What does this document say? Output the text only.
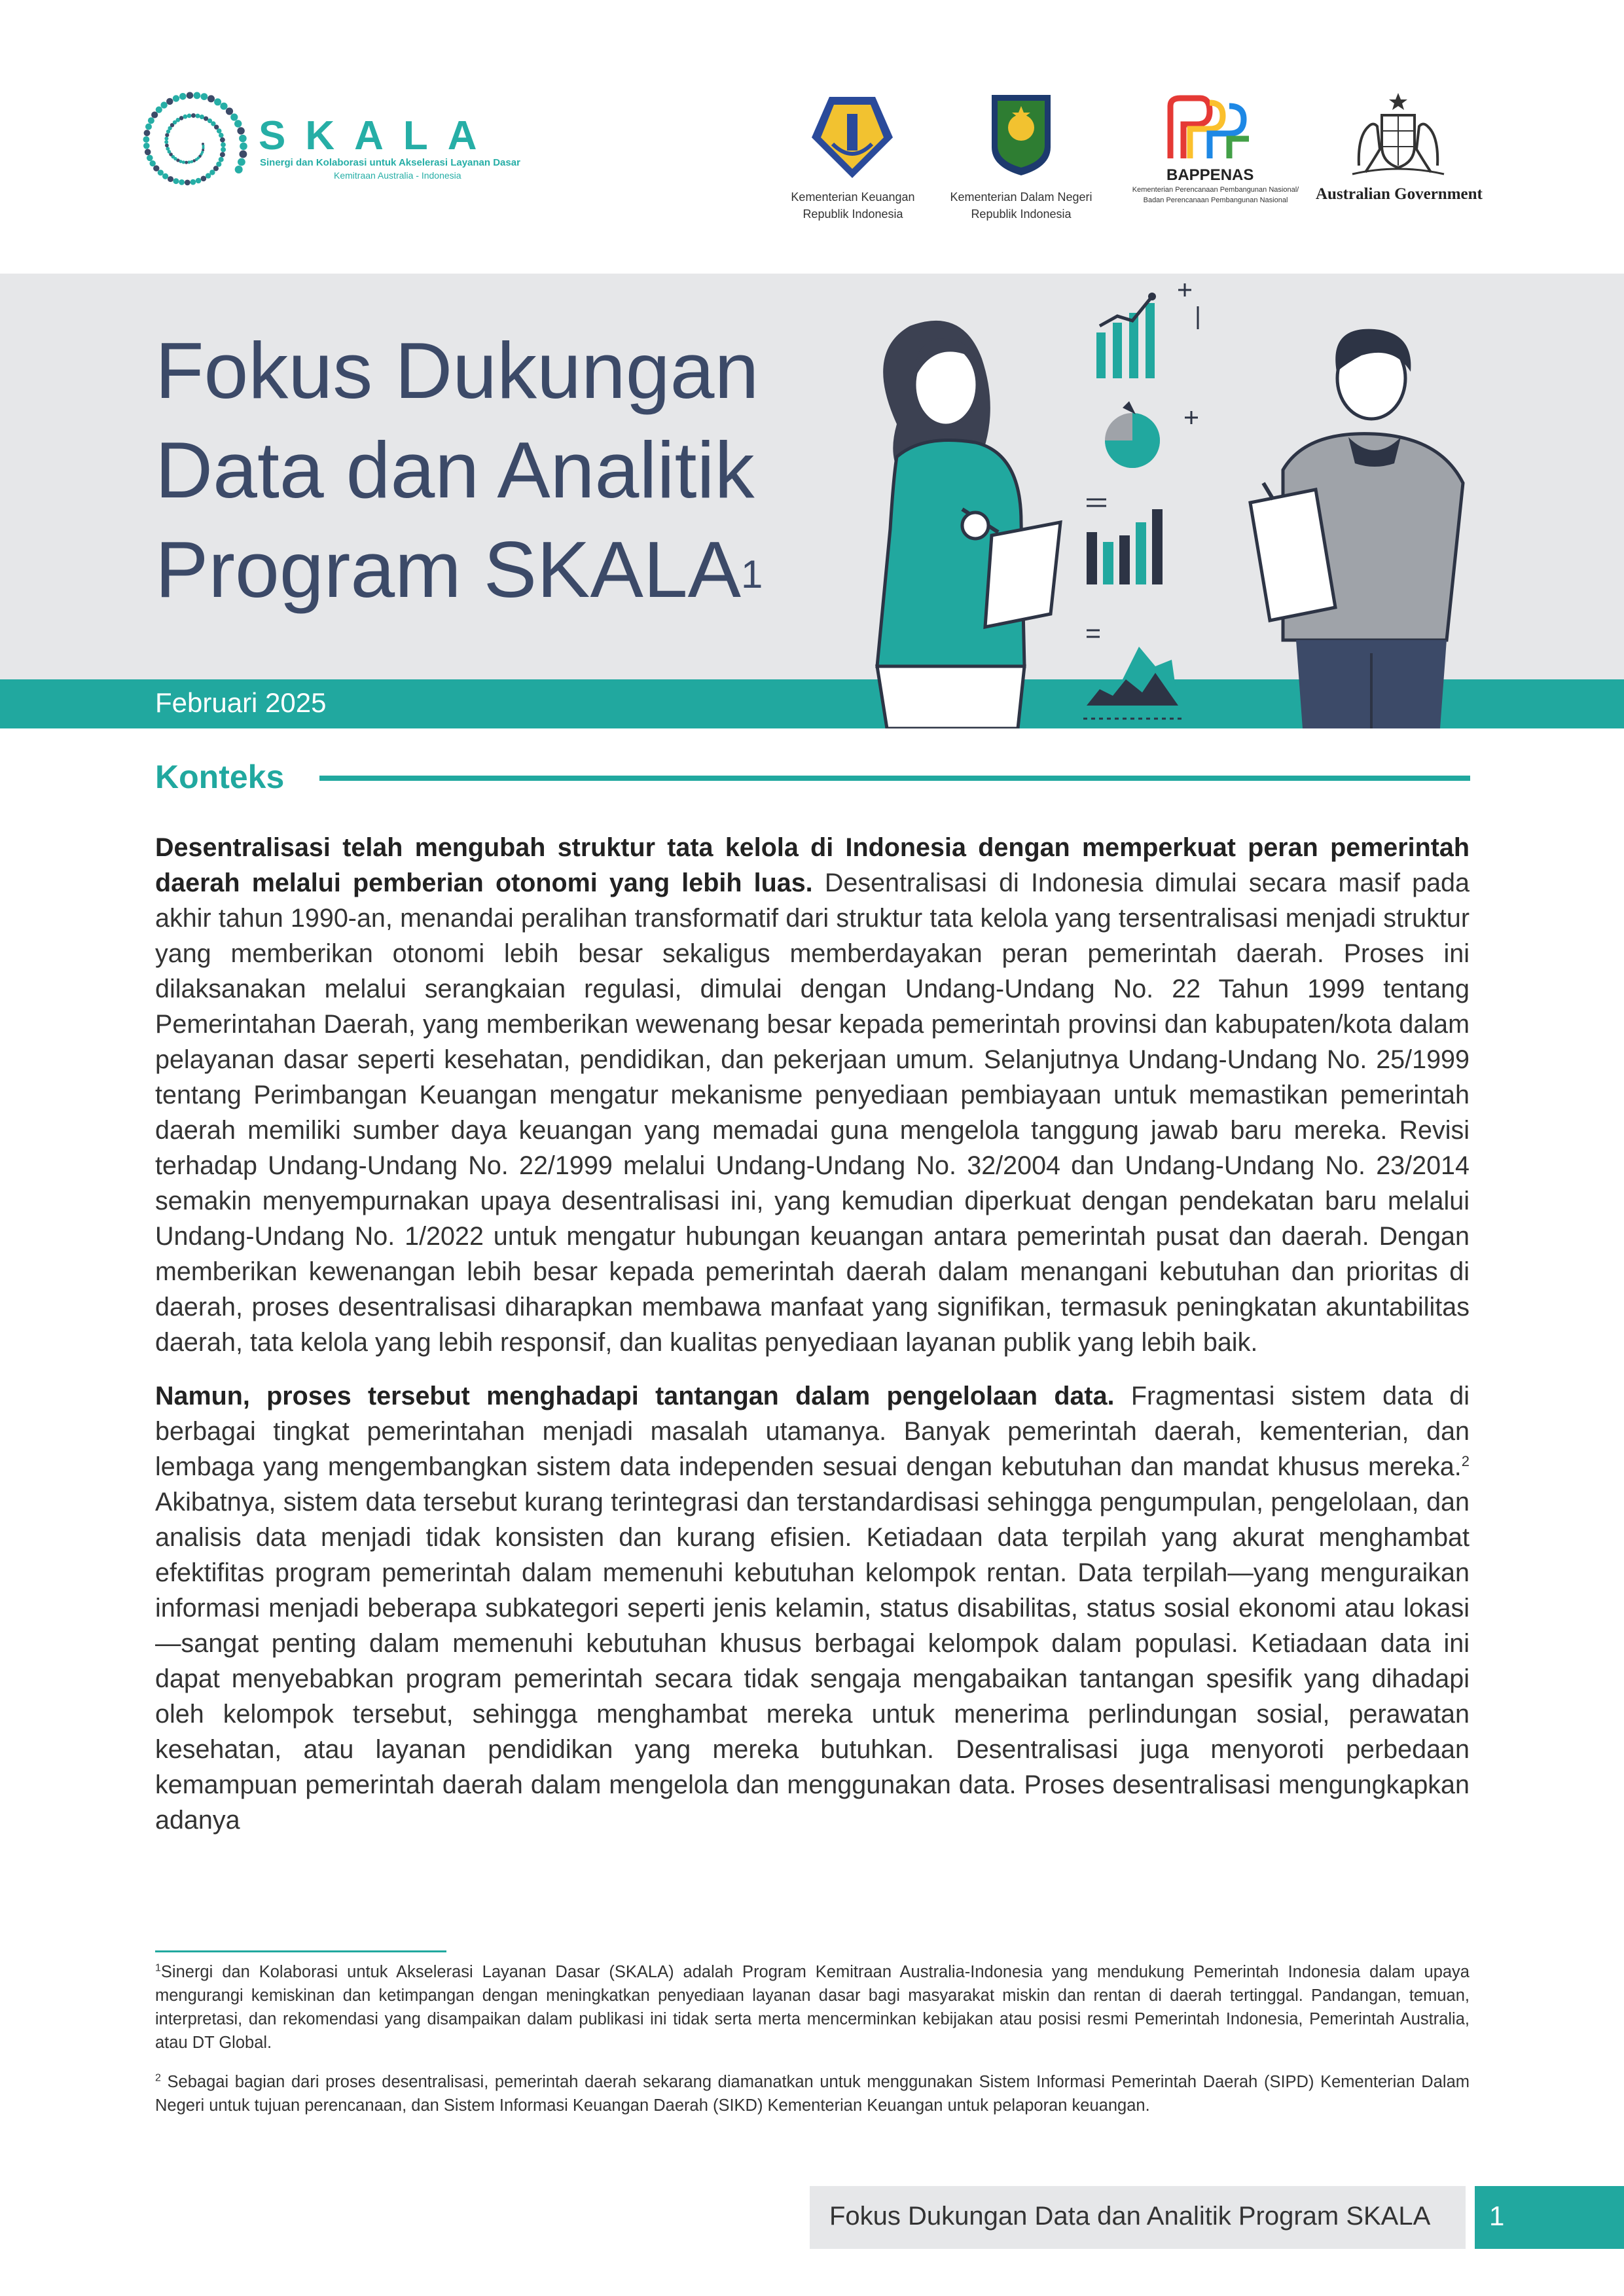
SKALA
Sinergi dan Kolaborasi untuk Akselerasi Layanan Dasar
Kemitraan Australia - Indonesia
Kementerian Keuangan
Republik Indonesia
Kementerian Dalam Negeri
Republik Indonesia
BAPPENAS
Kementerian Perencanaan Pembangunan Nasional/
Badan Perencanaan Pembangunan Nasional	Australian Government
Fokus Dukungan
Data dan Analitik
Program SKALA$^1$
Februari 2025
Konteks

Desentralisasi telah mengubah struktur tata kelola di Indonesia dengan memperkuat peran pemerintah daerah melalui pemberian otonomi yang lebih luas. Desentralisasi di Indonesia dimulai secara masif pada akhir tahun 1990-an, menandai peralihan transformatif dari struktur tata kelola yang tersentralisasi menjadi struktur yang memberikan otonomi lebih besar sekaligus memberdayakan peran pemerintah daerah. Proses ini dilaksanakan melalui serangkaian regulasi, dimulai dengan Undang-Undang No. 22 Tahun 1999 tentang Pemerintahan Daerah, yang memberikan wewenang besar kepada pemerintah provinsi dan kabupaten/kota dalam pelayanan dasar seperti kesehatan, pendidikan, dan pekerjaan umum. Selanjutnya Undang-Undang No. 25/1999 tentang Perimbangan Keuangan mengatur mekanisme penyediaan pembiayaan untuk memastikan pemerintah daerah memiliki sumber daya keuangan yang memadai guna mengelola tanggung jawab baru mereka. Revisi terhadap Undang-Undang No. 22/1999 melalui Undang-Undang No. 32/2004 dan Undang-Undang No. 23/2014 semakin menyempurnakan upaya desentralisasi ini, yang kemudian diperkuat dengan pendekatan baru melalui Undang-Undang No. 1/2022 untuk mengatur hubungan keuangan antara pemerintah pusat dan daerah. Dengan memberikan kewenangan lebih besar kepada pemerintah daerah dalam menangani kebutuhan dan prioritas di daerah, proses desentralisasi diharapkan membawa manfaat yang signifikan, termasuk peningkatan akuntabilitas daerah, tata kelola yang lebih responsif, dan kualitas penyediaan layanan publik yang lebih baik.

Namun, proses tersebut menghadapi tantangan dalam pengelolaan data. Fragmentasi sistem data di berbagai tingkat pemerintahan menjadi masalah utamanya. Banyak pemerintah daerah, kementerian, dan lembaga yang mengembangkan sistem data independen sesuai dengan kebutuhan dan mandat khusus mereka.$^2$ Akibatnya, sistem data tersebut kurang terintegrasi dan terstandardisasi sehingga pengumpulan, pengelolaan, dan analisis data menjadi tidak konsisten dan kurang efisien. Ketiadaan data terpilah yang akurat menghambat efektifitas program pemerintah dalam memenuhi kebutuhan kelompok rentan. Data terpilah—yang menguraikan informasi menjadi beberapa subkategori seperti jenis kelamin, status disabilitas, status sosial ekonomi atau lokasi—sangat penting dalam memenuhi kebutuhan khusus berbagai kelompok dalam populasi. Ketiadaan data ini dapat menyebabkan program pemerintah secara tidak sengaja mengabaikan tantangan spesifik yang dihadapi oleh kelompok tersebut, sehingga menghambat mereka untuk menerima perlindungan sosial, perawatan kesehatan, atau layanan pendidikan yang mereka butuhkan. Desentralisasi juga menyoroti perbedaan kemampuan pemerintah daerah dalam mengelola dan menggunakan data. Proses desentralisasi mengungkapkan adanya

$^1$Sinergi dan Kolaborasi untuk Akselerasi Layanan Dasar (SKALA) adalah Program Kemitraan Australia-Indonesia yang mendukung Pemerintah Indonesia dalam upaya mengurangi kemiskinan dan ketimpangan dengan meningkatkan penyediaan layanan dasar bagi masyarakat miskin dan rentan di daerah tertinggal. Pandangan, temuan, interpretasi, dan rekomendasi yang disampaikan dalam publikasi ini tidak serta merta mencerminkan kebijakan atau posisi resmi Pemerintah Indonesia, Pemerintah Australia, atau DT Global.
$^2$ Sebagai bagian dari proses desentralisasi, pemerintah daerah sekarang diamanatkan untuk menggunakan Sistem Informasi Pemerintah Daerah (SIPD) Kementerian Dalam Negeri untuk tujuan perencanaan, dan Sistem Informasi Keuangan Daerah (SIKD) Kementerian Keuangan untuk pelaporan keuangan.
Fokus Dukungan Data dan Analitik Program SKALA 1
